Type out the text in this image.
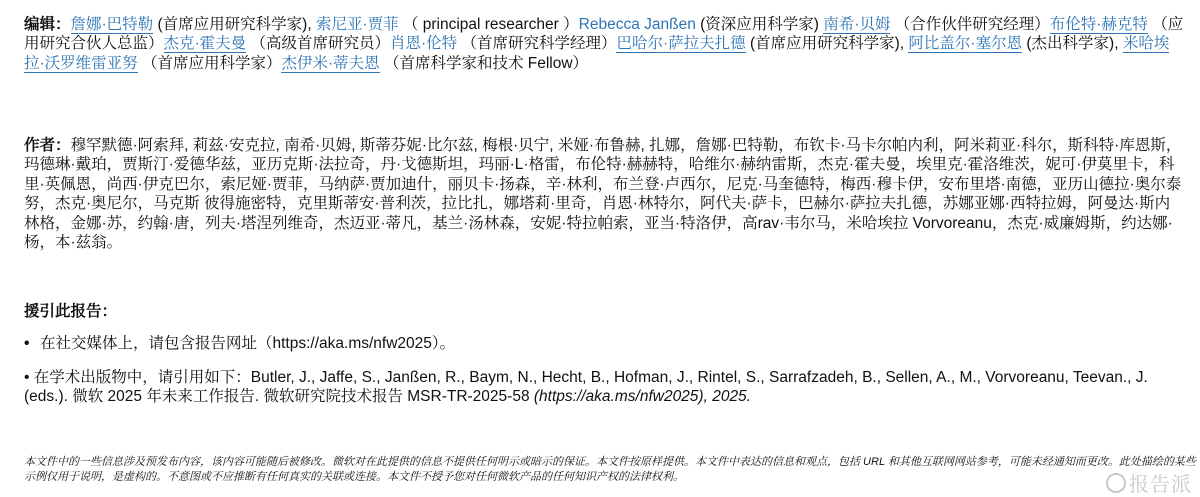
编辑：詹娜·巴特勒 (首席应用研究科学家), 索尼亚·贾菲 （ principal researcher ）Rebecca Janßen (资深应用科学家) 南希·贝姆 （合作伙伴研究经理）布伦特·赫克特 （应用研究合伙人总监）杰克·霍夫曼 （高级首席研究员）肖恩·伦特 （首席研究科学经理）巴哈尔·萨拉夫扎德 (首席应用研究科学家), 阿比盖尔·塞尔恩 (杰出科学家), 米哈埃拉·沃罗维雷亚努 （首席应用科学家）杰伊米·蒂夫恩 （首席科学家和技术 Fellow）
作者：穆罕默德·阿索拜, 莉兹·安克拉, 南希·贝姆, 斯蒂芬妮·比尔兹, 梅根·贝宁, 米娅·布鲁赫, 扎娜，詹娜·巴特勒，布钦卡·马卡尔帕内利，阿米莉亚·科尔，斯科特·库恩斯，玛德琳·戴珀，贾斯汀·爱德华兹，亚历克斯·法拉奇，丹·戈德斯坦，玛丽·L·格雷，布伦特·赫赫特，哈维尔·赫纳雷斯，杰克·霍夫曼，埃里克·霍洛维茨，妮可·伊莫里卡，科里·英佩恩，尚西·伊克巴尔，索尼娅·贾菲，马纳萨·贾加迪什，丽贝卡·扬森，辛·林利，布兰登·卢西尔，尼克·马奎德特，梅西·穆卡伊，安布里塔·南德，亚历山德拉·奥尔泰努，杰克·奥尼尔，马克斯 彼得施密特，克里斯蒂安·普利茨，拉比扎，娜塔莉·里奇，肖恩·林特尔，阿代夫·萨卡，巴赫尔·萨拉夫扎德，苏娜亚娜·西特拉姆，阿曼达·斯内林格，金娜·苏，约翰·唐，列夫·塔涅列维奇，杰迈亚·蒂凡，基兰·汤林森，安妮·特拉帕索，亚当·特洛伊，高rav·韦尔马，米哈埃拉 Vorvoreanu，杰克·威廉姆斯，约达娜·杨，本·兹翁。
援引此报告：
• 在社交媒体上，请包含报告网址（https://aka.ms/nfw2025）。
• 在学术出版物中，请引用如下：Butler, J., Jaffe, S., Janßen, R., Baym, N., Hecht, B., Hofman, J., Rintel, S., Sarrafzadeh, B., Sellen, A., M., Vorvoreanu, Teevan., J. (eds.). 微软 2025 年未来工作报告. 微软研究院技术报告 MSR-TR-2025-58 (https://aka.ms/nfw2025), 2025.
本文件中的一些信息涉及预发布内容，该内容可能随后被修改。微软对在此提供的信息不提供任何明示或暗示的保证。本文件按原样提供。本文件中表达的信息和观点，包括 URL 和其他互联网网站参考，可能未经通知而更改。此处描绘的某些示例仅用于说明，是虚构的。不意图或不应推断有任何真实的关联或连接。本文件不授予您对任何微软产品的任何知识产权的法律权利。	报告派
